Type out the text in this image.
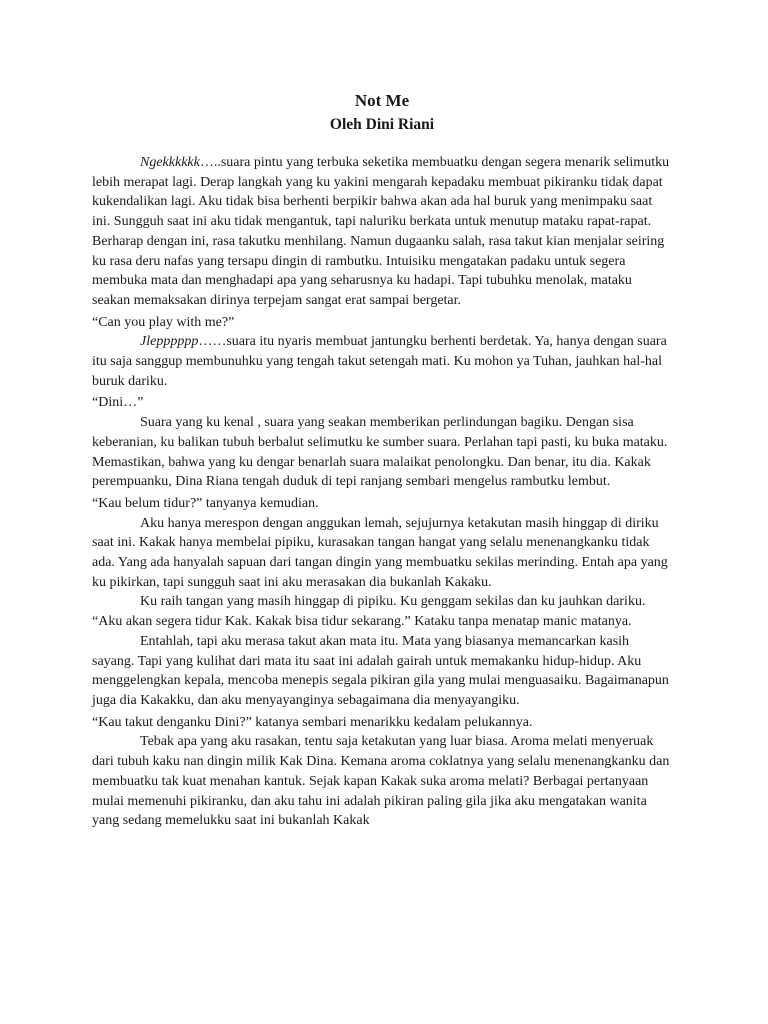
Not Me
Oleh Dini Riani

Ngekkkkkk…..suara pintu yang terbuka seketika membuatku dengan segera menarik selimutku lebih merapat lagi. Derap langkah yang ku yakini mengarah kepadaku membuat pikiranku tidak dapat kukendalikan lagi. Aku tidak bisa berhenti berpikir bahwa akan ada hal buruk yang menimpaku saat ini. Sungguh saat ini aku tidak mengantuk, tapi naluriku berkata untuk menutup mataku rapat-rapat. Berharap dengan ini, rasa takutku menhilang. Namun dugaanku salah, rasa takut kian menjalar seiring ku rasa deru nafas yang tersapu dingin di rambutku. Intuisiku mengatakan padaku untuk segera membuka mata dan menghadapi apa yang seharusnya ku hadapi. Tapi tubuhku menolak, mataku seakan memaksakan dirinya terpejam sangat erat sampai bergetar.

“Can you play with me?”

Jlepppppp……suara itu nyaris membuat jantungku berhenti berdetak. Ya, hanya dengan suara itu saja sanggup membunuhku yang tengah takut setengah mati. Ku mohon ya Tuhan, jauhkan hal-hal buruk dariku.

“Dini…”

Suara yang ku kenal , suara yang seakan memberikan perlindungan bagiku. Dengan sisa keberanian, ku balikan tubuh berbalut selimutku ke sumber suara. Perlahan tapi pasti, ku buka mataku. Memastikan, bahwa yang ku dengar benarlah suara malaikat penolongku. Dan benar, itu dia. Kakak perempuanku, Dina Riana tengah duduk di tepi ranjang sembari mengelus rambutku lembut.

“Kau belum tidur?” tanyanya kemudian.

Aku hanya merespon dengan anggukan lemah, sejujurnya ketakutan masih hinggap di diriku saat ini. Kakak hanya membelai pipiku, kurasakan tangan hangat yang selalu menenangkanku tidak ada. Yang ada hanyalah sapuan dari tangan dingin yang membuatku sekilas merinding. Entah apa yang ku pikirkan, tapi sungguh saat ini aku merasakan dia bukanlah Kakaku.

Ku raih tangan yang masih hinggap di pipiku. Ku genggam sekilas dan ku jauhkan dariku. “Aku akan segera tidur Kak. Kakak bisa tidur sekarang.” Kataku tanpa menatap manic matanya.

Entahlah, tapi aku merasa takut akan mata itu. Mata yang biasanya memancarkan kasih sayang. Tapi yang kulihat dari mata itu saat ini adalah gairah untuk memakanku hidup-hidup. Aku menggelengkan kepala, mencoba menepis segala pikiran gila yang mulai menguasaiku. Bagaimanapun juga dia Kakakku, dan aku menyayanginya sebagaimana dia menyayangiku.

“Kau takut denganku Dini?” katanya sembari menarikku kedalam pelukannya.

Tebak apa yang aku rasakan, tentu saja ketakutan yang luar biasa. Aroma melati menyeruak dari tubuh kaku nan dingin milik Kak Dina. Kemana aroma coklatnya yang selalu menenangkanku dan membuatku tak kuat menahan kantuk. Sejak kapan Kakak suka aroma melati? Berbagai pertanyaan mulai memenuhi pikiranku, dan aku tahu ini adalah pikiran paling gila jika aku mengatakan wanita yang sedang memelukku saat ini bukanlah Kakak
